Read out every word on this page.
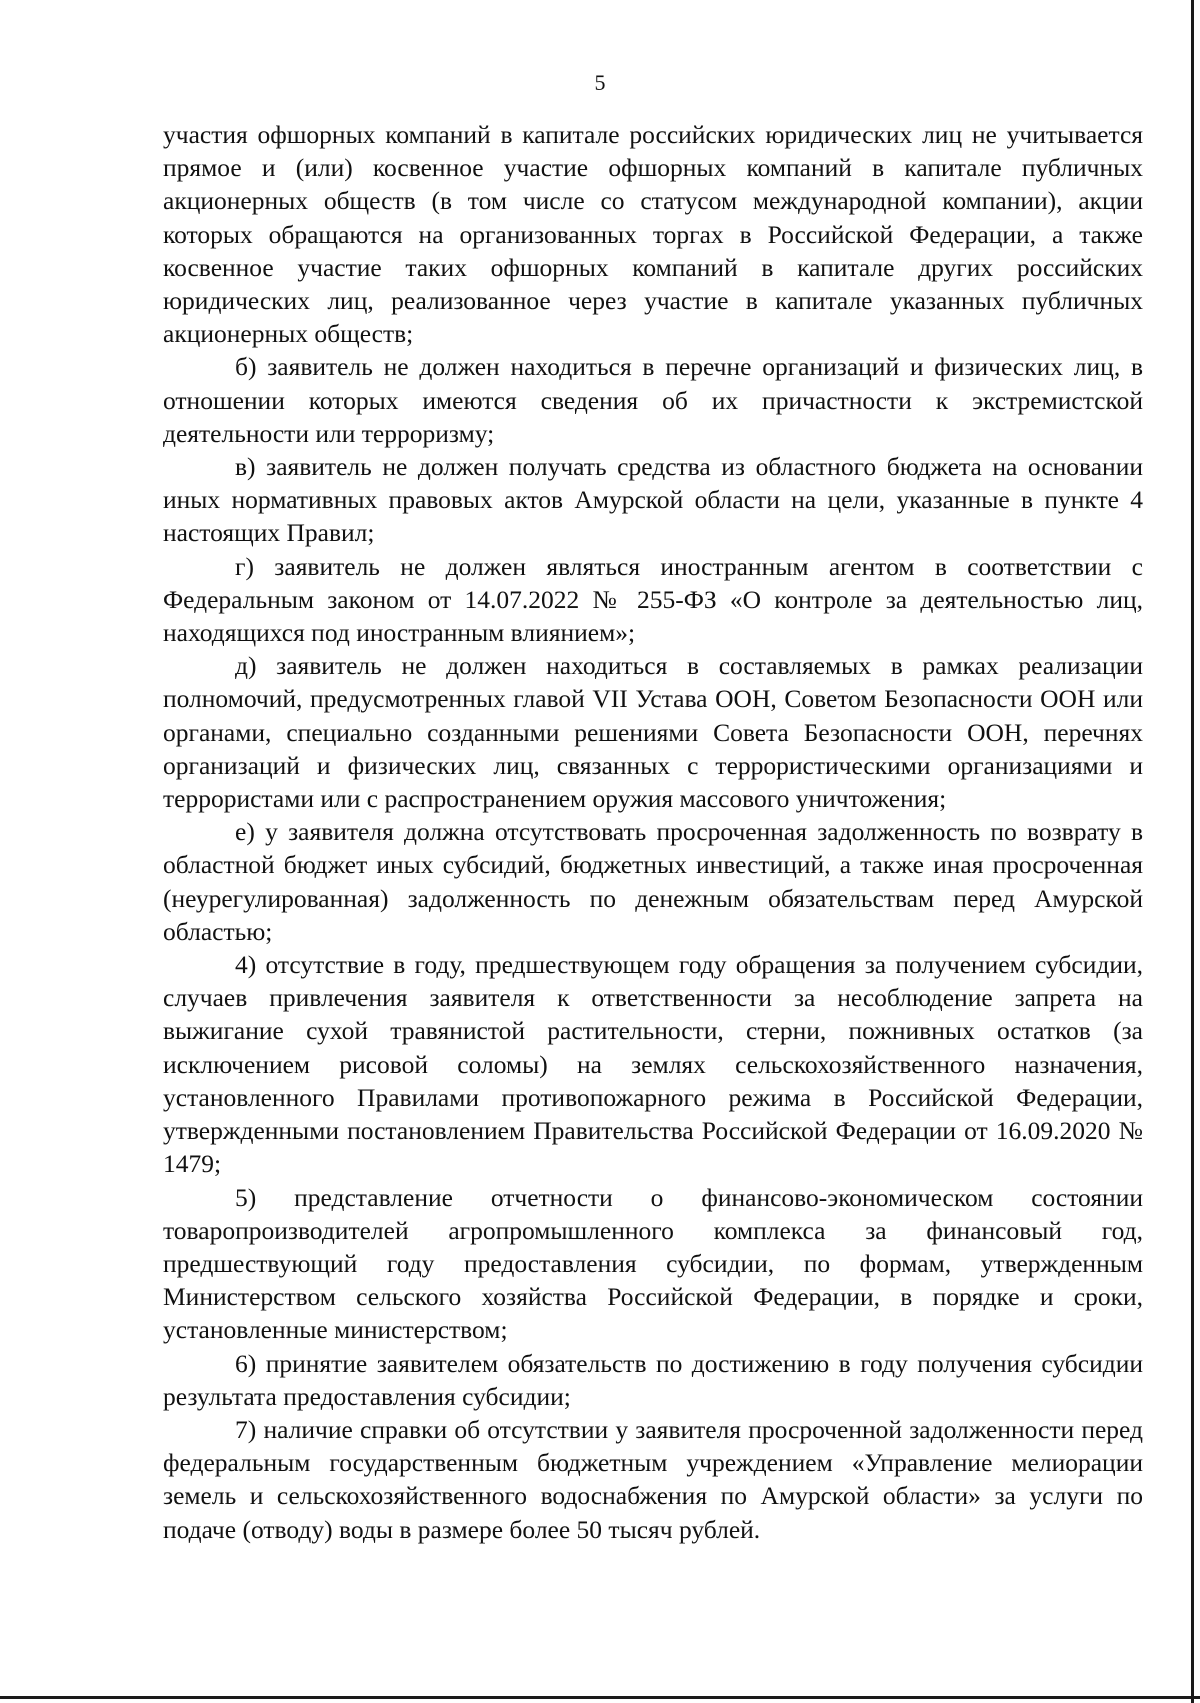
5

участия офшорных компаний в капитале российских юридических лиц не учитывается прямое и (или) косвенное участие офшорных компаний в капитале публичных акционерных обществ (в том числе со статусом международной компании), акции которых обращаются на организованных торгах в Российской Федерации, а также косвенное участие таких офшорных компаний в капитале других российских юридических лиц, реализованное через участие в капитале указанных публичных акционерных обществ;

б) заявитель не должен находиться в перечне организаций и физических лиц, в отношении которых имеются сведения об их причастности к экстремистской деятельности или терроризму;

в) заявитель не должен получать средства из областного бюджета на основании иных нормативных правовых актов Амурской области на цели, указанные в пункте 4 настоящих Правил;

г) заявитель не должен являться иностранным агентом в соответствии с Федеральным законом от 14.07.2022 № 255-ФЗ «О контроле за деятельностью лиц, находящихся под иностранным влиянием»;

д) заявитель не должен находиться в составляемых в рамках реализации полномочий, предусмотренных главой VII Устава ООН, Советом Безопасности ООН или органами, специально созданными решениями Совета Безопасности ООН, перечнях организаций и физических лиц, связанных с террористическими организациями и террористами или с распространением оружия массового уничтожения;

е) у заявителя должна отсутствовать просроченная задолженность по возврату в областной бюджет иных субсидий, бюджетных инвестиций, а также иная просроченная (неурегулированная) задолженность по денежным обязательствам перед Амурской областью;

4) отсутствие в году, предшествующем году обращения за получением субсидии, случаев привлечения заявителя к ответственности за несоблюдение запрета на выжигание сухой травянистой растительности, стерни, пожнивных остатков (за исключением рисовой соломы) на землях сельскохозяйственного назначения, установленного Правилами противопожарного режима в Российской Федерации, утвержденными постановлением Правительства Российской Федерации от 16.09.2020 № 1479;

5) представление отчетности о финансово-экономическом состоянии товаропроизводителей агропромышленного комплекса за финансовый год, предшествующий году предоставления субсидии, по формам, утвержденным Министерством сельского хозяйства Российской Федерации, в порядке и сроки, установленные министерством;

6) принятие заявителем обязательств по достижению в году получения субсидии результата предоставления субсидии;

7) наличие справки об отсутствии у заявителя просроченной задолженности перед федеральным государственным бюджетным учреждением «Управление мелиорации земель и сельскохозяйственного водоснабжения по Амурской области» за услуги по подаче (отводу) воды в размере более 50 тысяч рублей.
